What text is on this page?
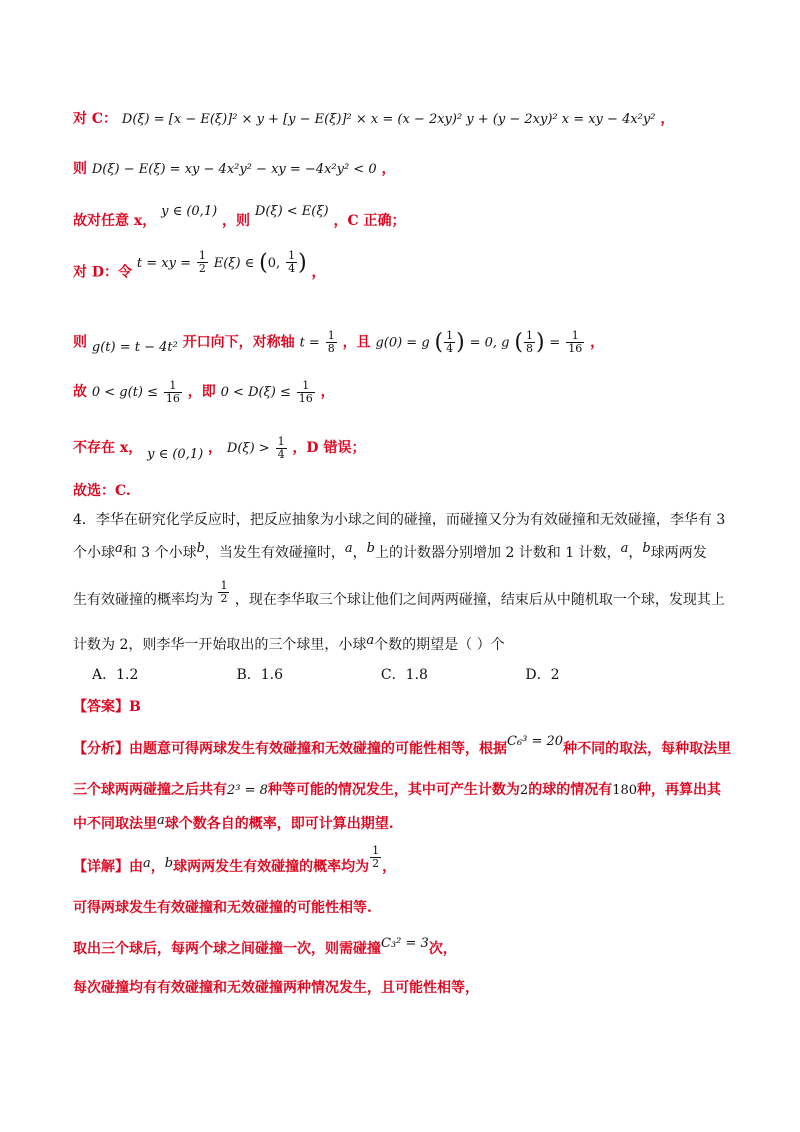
对 C： D(ξ) = [x − E(ξ)]² × y + [y − E(ξ)]² × x = (x − 2xy)² y + (y − 2xy)² x = xy − 4x²y² ，
则 D(ξ) − E(ξ) = xy − 4x²y² − xy = −4x²y² < 0 ，
故对任意 x， y ∈ (0,1) ，则 D(ξ) < E(ξ) ，C 正确；
对 D：令 t = xy = $\frac{1}{2} E(\xi)$ ∈ (0, $\frac{1}{4}$ ) ，
则 g(t) = t − 4t² 开口向下，对称轴 $t = \frac{1}{8}$ ，且 g(0) = g ( $\frac{1}{4}$ ) = 0, g ( $\frac{1}{8}$ ) = $\frac{1}{16}$ ，
故 $0 < g(t) \le \frac{1}{16}$ ，即 $0 < D(\xi) \le \frac{1}{16}$ ，
不存在 x， y ∈ (0,1) ， $D(\xi) > \frac{1}{4}$ ，D 错误；
故选：C.
4．李华在研究化学反应时，把反应抽象为小球之间的碰撞，而碰撞又分为有效碰撞和无效碰撞，李华有 3
个小球a和 3 个小球b，当发生有效碰撞时，a，b上的计数器分别增加 2 计数和 1 计数，a，b球两两发
生有效碰撞的概率均为 $\frac{1}{2}$ ，现在李华取三个球让他们之间两两碰撞，结束后从中随机取一个球，发现其上
计数为 2，则李华一开始取出的三个球里，小球a个数的期望是（ ）个
A．1.2	B．1.6	C．1.8	D．2
【答案】B
【分析】由题意可得两球发生有效碰撞和无效碰撞的可能性相等，根据C₆³ = 20种不同的取法，每种取法里
三个球两两碰撞之后共有2³ = 8种等可能的情况发生，其中可产生计数为2的球的情况有180种，再算出其
中不同取法里a球个数各自的概率，即可计算出期望.
【详解】由a，b球两两发生有效碰撞的概率均为 $\frac{1}{2}$ ，
可得两球发生有效碰撞和无效碰撞的可能性相等.
取出三个球后，每两个球之间碰撞一次，则需碰撞C₃² = 3次，
每次碰撞均有有效碰撞和无效碰撞两种情况发生，且可能性相等，
